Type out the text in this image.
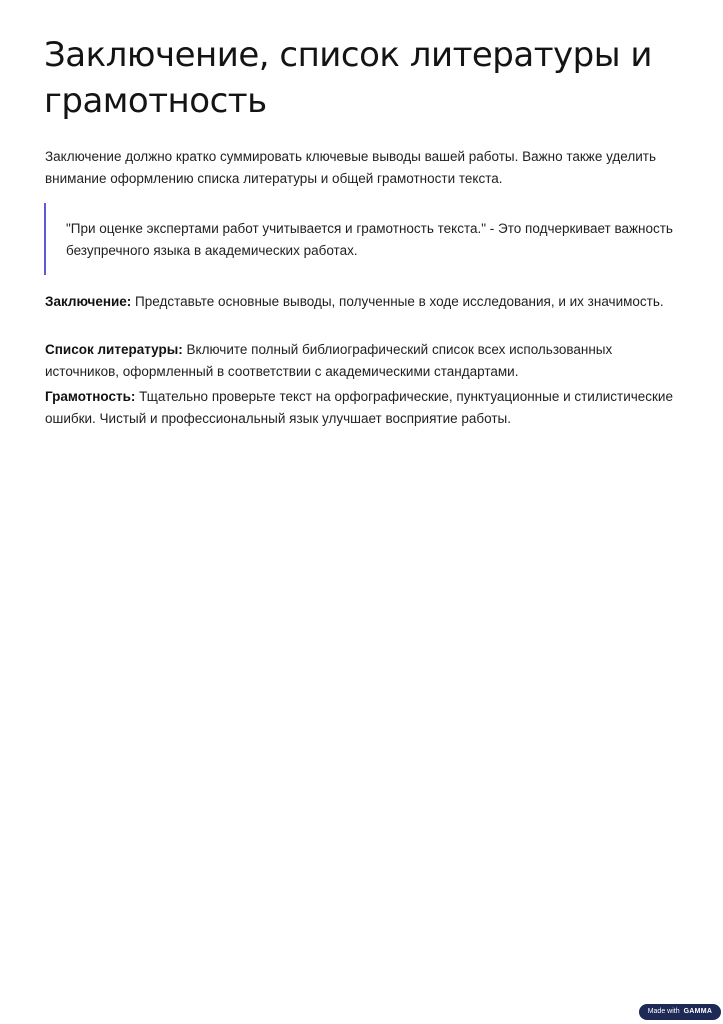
Заключение, список литературы и грамотность

Заключение должно кратко суммировать ключевые выводы вашей работы. Важно также уделить внимание оформлению списка литературы и общей грамотности текста.

"При оценке экспертами работ учитывается и грамотность текста." - Это подчеркивает важность безупречного языка в академических работах.

Заключение: Представьте основные выводы, полученные в ходе исследования, и их значимость.

Список литературы: Включите полный библиографический список всех использованных источников, оформленный в соответствии с академическими стандартами.

Грамотность: Тщательно проверьте текст на орфографические, пунктуационные и стилистические ошибки. Чистый и профессиональный язык улучшает восприятие работы.

Made with GAMMA
